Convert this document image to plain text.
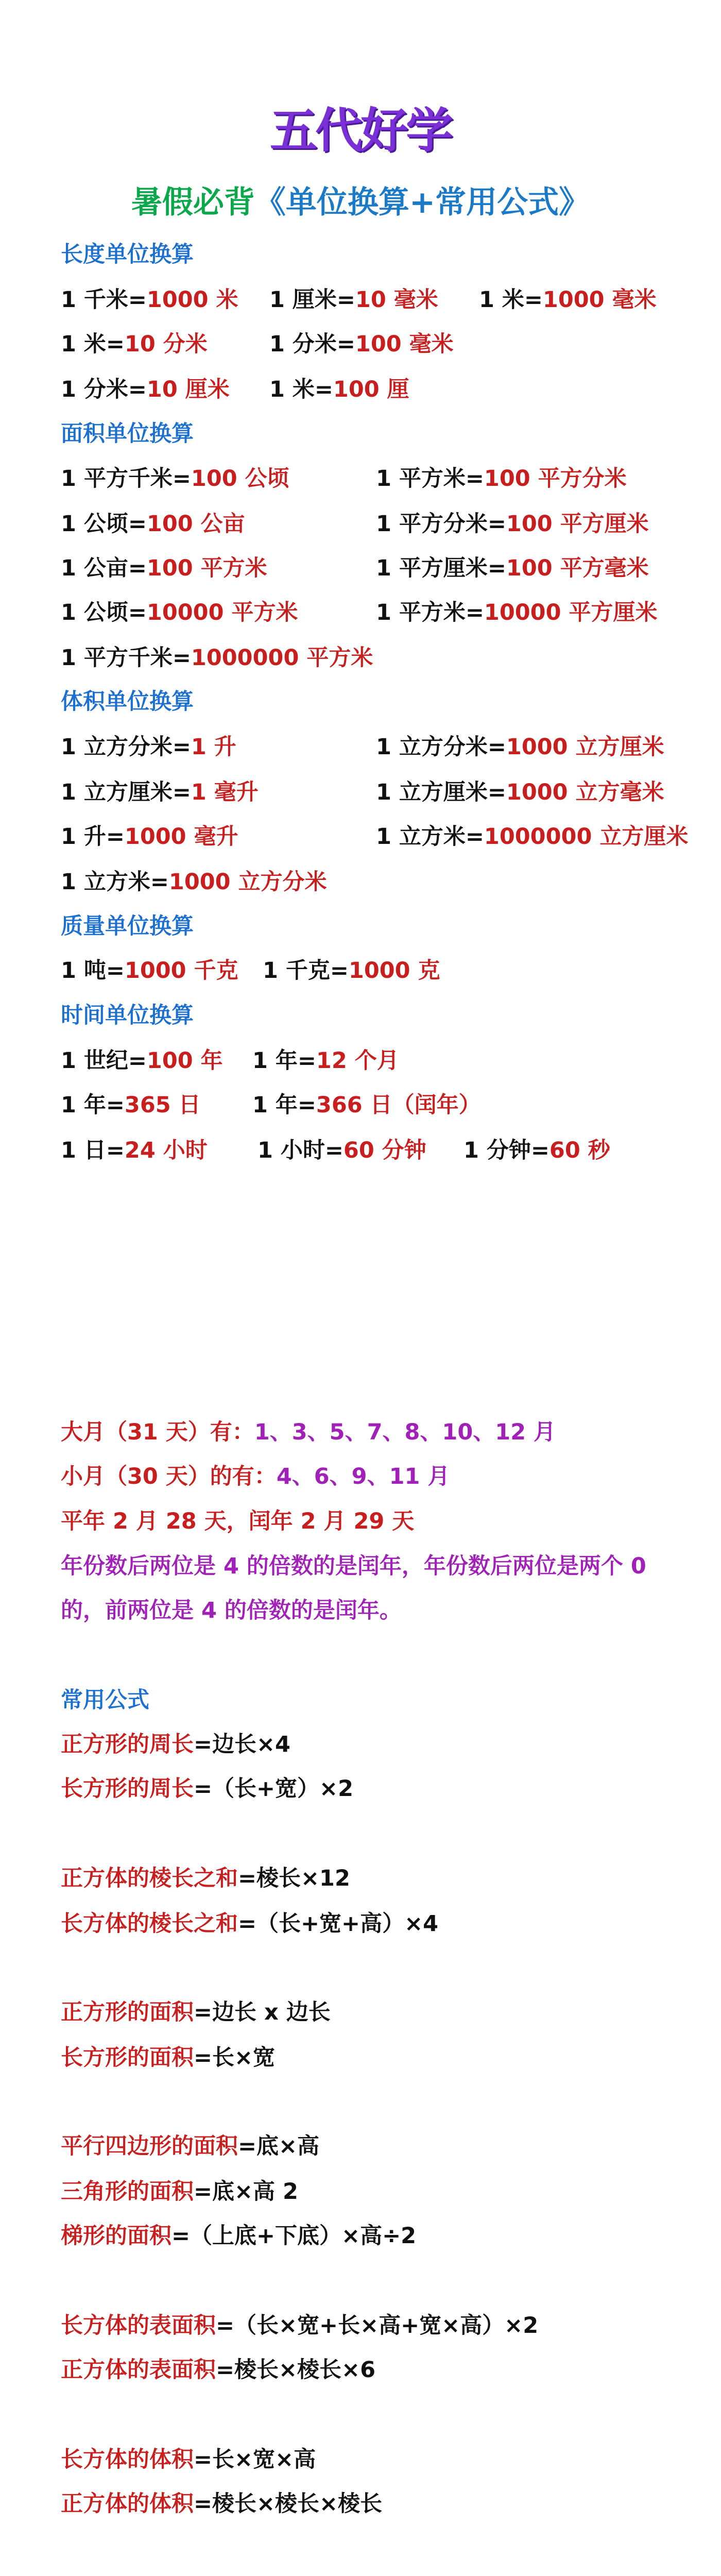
五代好学
暑假必背《单位换算+常用公式》
长度单位换算
1 千米=1000 米 1 厘米=10 毫米 1 米=1000 毫米
1 米=10 分米	1 分米=100 毫米
1 分米=10 厘米 1 米=100 厘
面积单位换算
1 平方千米=100 公顷	1 平方米=100 平方分米
1 公顷=100 公亩	1 平方分米=100 平方厘米
1 公亩=100 平方米	1 平方厘米=100 平方毫米
1 公顷=10000 平方米	1 平方米=10000 平方厘米
1 平方千米=1000000 平方米
体积单位换算
1 立方分米=1 升	1 立方分米=1000 立方厘米
1 立方厘米=1 毫升	1 立方厘米=1000 立方毫米
1 升=1000 毫升	1 立方米=1000000 立方厘米
1 立方米=1000 立方分米
质量单位换算
1 吨=1000 千克 1 千克=1000 克
时间单位换算
1 世纪=100 年 1 年=12 个月
1 年=365 日 1 年=366 日（闰年）
1 日=24 小时 1 小时=60 分钟 1 分钟=60 秒
大月（31 天）有：1、3、5、7、8、10、12 月
小月（30 天）的有：4、6、9、11 月
平年 2 月 28 天，闰年 2 月 29 天
年份数后两位是 4 的倍数的是闰年，年份数后两位是两个 0
的，前两位是 4 的倍数的是闰年。
常用公式
正方形的周长=边长×4
长方形的周长=（长+宽）×2
正方体的棱长之和=棱长×12
长方体的棱长之和=（长+宽+高）×4
正方形的面积=边长 x 边长
长方形的面积=长×宽
平行四边形的面积=底×高
三角形的面积=底×高 2
梯形的面积=（上底+下底）×高÷2
长方体的表面积=（长×宽+长×高+宽×高）×2
正方体的表面积=棱长×棱长×6
长方体的体积=长×宽×高
正方体的体积=棱长×棱长×棱长
